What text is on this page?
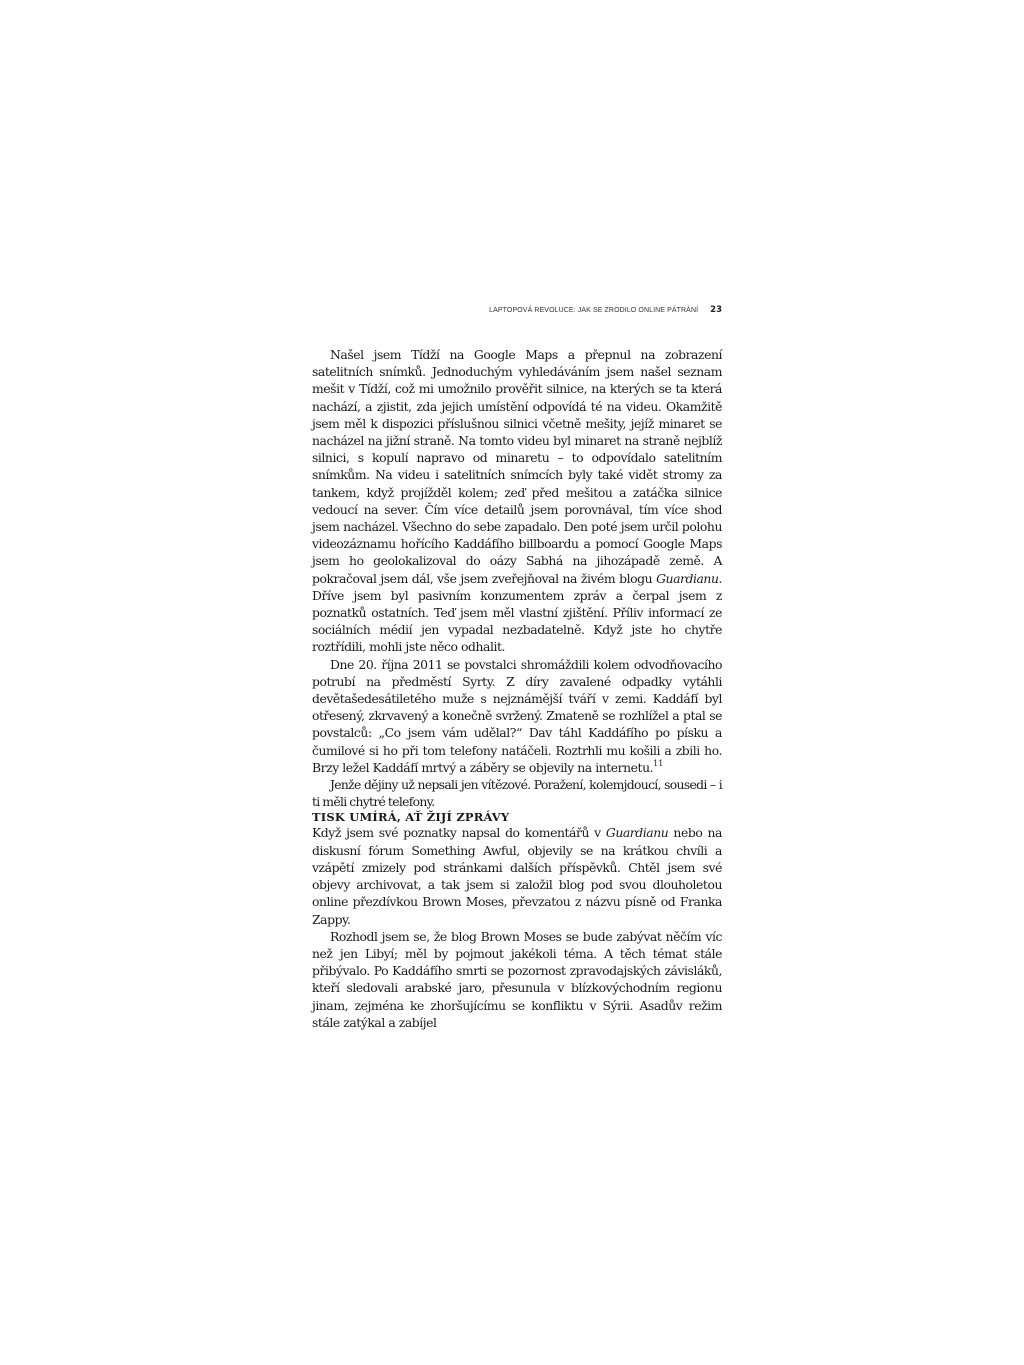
LAPTOPOVÁ REVOLUCE: JAK SE ZRODILO ONLINE PÁTRÁNÍ 23

Našel jsem Tídží na Google Maps a přepnul na zobrazení satelitních snímků. Jednoduchým vyhledáváním jsem našel seznam mešit v Tídží, což mi umožnilo prověřit silnice, na kterých se ta která nachází, a zjistit, zda jejich umístění odpovídá té na videu. Okamžitě jsem měl k dispozici příslušnou silnici včetně mešity, jejíž minaret se nacházel na jižní straně. Na tomto videu byl minaret na straně nejblíž silnici, s kopulí napravo od minaretu – to odpovídalo satelitním snímkům. Na videu i satelitních snímcích byly také vidět stromy za tankem, když projížděl kolem; zeď před mešitou a zatáčka silnice vedoucí na sever. Čím více detailů jsem porovnával, tím více shod jsem nacházel. Všechno do sebe zapadalo. Den poté jsem určil polohu videozáznamu hořícího Kaddáfího billboardu a pomocí Google Maps jsem ho geolokalizoval do oázy Sabhá na jihozápadě země. A pokračoval jsem dál, vše jsem zveřejňoval na živém blogu Guardianu. Dříve jsem byl pasivním konzumentem zpráv a čerpal jsem z poznatků ostatních. Teď jsem měl vlastní zjištění. Příliv informací ze sociálních médií jen vypadal nezbadatelně. Když jste ho chytře roztřídili, mohli jste něco odhalit.

Dne 20. října 2011 se povstalci shromáždili kolem odvodňovacího potrubí na předměstí Syrty. Z díry zavalené odpadky vytáhli devětašedesátiletého muže s nejznámější tváří v zemi. Kaddáfí byl otřesený, zkrvavený a konečně svržený. Zmateně se rozhlížel a ptal se povstalců: „Co jsem vám udělal?“ Dav táhl Kaddáfího po písku a čumilové si ho při tom telefony natáčeli. Roztrhli mu košili a zbili ho. Brzy ležel Kaddáfí mrtvý a záběry se objevily na internetu.$^{11}$

Jenže dějiny už nepsali jen vítězové. Poražení, kolemjdoucí, sousedi – i ti měli chytré telefony.

TISK UMÍRÁ, AŤ ŽIJÍ ZPRÁVY

Když jsem své poznatky napsal do komentářů v Guardianu nebo na diskusní fórum Something Awful, objevily se na krátkou chvíli a vzápětí zmizely pod stránkami dalších příspěvků. Chtěl jsem své objevy archivovat, a tak jsem si založil blog pod svou dlouholetou online přezdívkou Brown Moses, převzatou z názvu písně od Franka Zappy.

Rozhodl jsem se, že blog Brown Moses se bude zabývat něčím víc než jen Libyí; měl by pojmout jakékoli téma. A těch témat stále přibývalo. Po Kaddáfího smrti se pozornost zpravodajských závisláků, kteří sledovali arabské jaro, přesunula v blízkovýchodním regionu jinam, zejména ke zhoršujícímu se konfliktu v Sýrii. Asadův režim stále zatýkal a zabíjel
